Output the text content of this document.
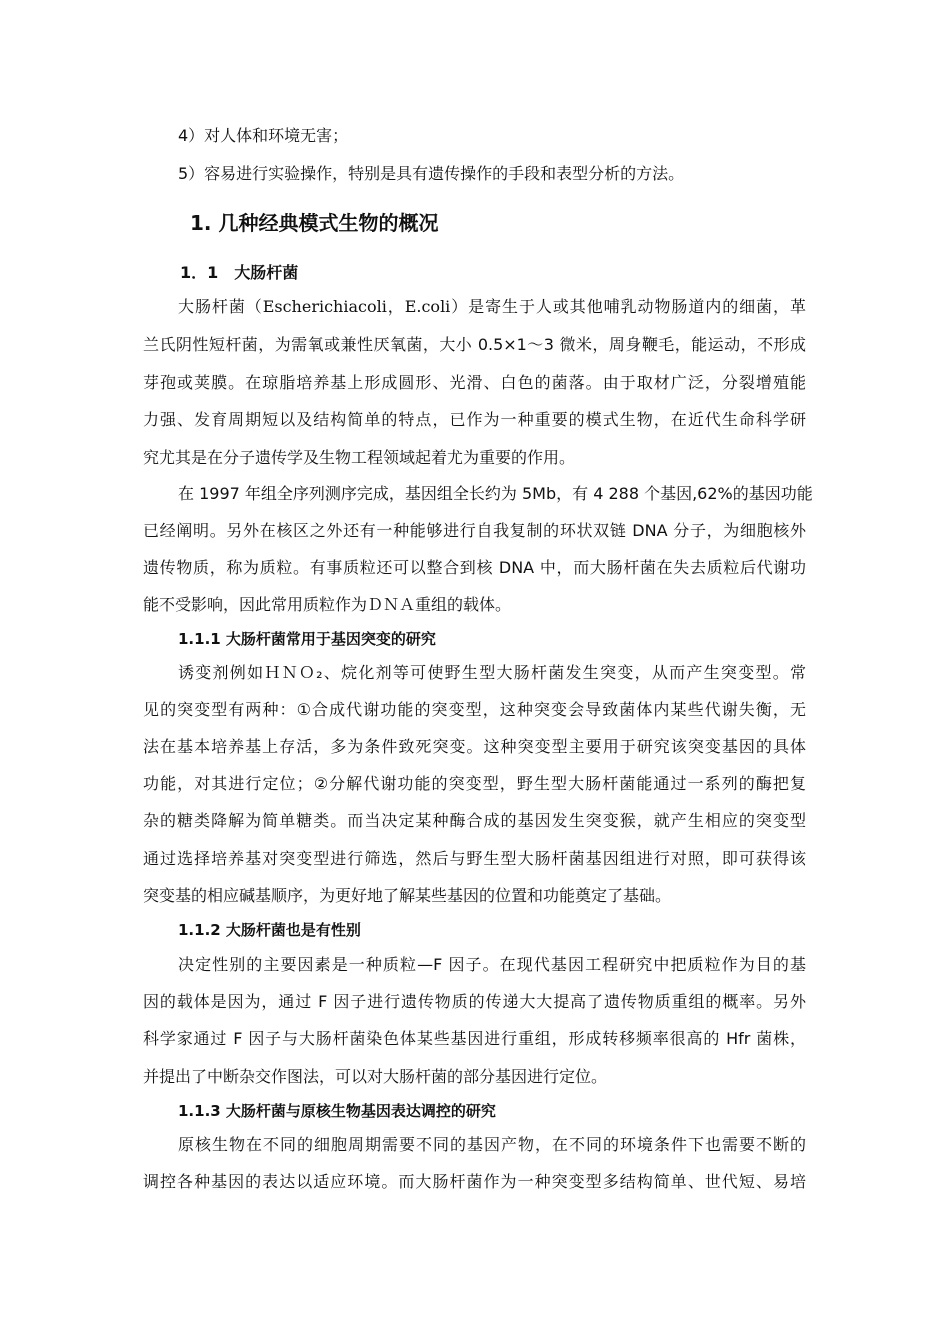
4）对人体和环境无害；
5）容易进行实验操作，特别是具有遗传操作的手段和表型分析的方法。
1. 几种经典模式生物的概况
1．1　大肠杆菌
大肠杆菌（Escherichiacoli，E.coli）是寄生于人或其他哺乳动物肠道内的细菌，革
兰氏阴性短杆菌，为需氧或兼性厌氧菌，大小 0.5×1～3 微米，周身鞭毛，能运动，不形成
芽孢或荚膜。在琼脂培养基上形成圆形、光滑、白色的菌落。由于取材广泛，分裂增殖能
力强、发育周期短以及结构简单的特点，已作为一种重要的模式生物，在近代生命科学研
究尤其是在分子遗传学及生物工程领域起着尤为重要的作用。
在 1997 年组全序列测序完成，基因组全长约为 5Mb，有 4 288 个基因,62%的基因功能
已经阐明。另外在核区之外还有一种能够进行自我复制的环状双链 DNA 分子，为细胞核外
遗传物质，称为质粒。有事质粒还可以整合到核 DNA 中，而大肠杆菌在失去质粒后代谢功
能不受影响，因此常用质粒作为ＤＮＡ重组的载体。
1.1.1 大肠杆菌常用于基因突变的研究
诱变剂例如ＨＮＯ₂、烷化剂等可使野生型大肠杆菌发生突变，从而产生突变型。常
见的突变型有两种：①合成代谢功能的突变型，这种突变会导致菌体内某些代谢失衡，无
法在基本培养基上存活，多为条件致死突变。这种突变型主要用于研究该突变基因的具体
功能，对其进行定位；②分解代谢功能的突变型，野生型大肠杆菌能通过一系列的酶把复
杂的糖类降解为简单糖类。而当决定某种酶合成的基因发生突变猴，就产生相应的突变型
通过选择培养基对突变型进行筛选，然后与野生型大肠杆菌基因组进行对照，即可获得该
突变基的相应碱基顺序，为更好地了解某些基因的位置和功能奠定了基础。
1.1.2 大肠杆菌也是有性别
决定性别的主要因素是一种质粒—F 因子。在现代基因工程研究中把质粒作为目的基
因的载体是因为，通过 F 因子进行遗传物质的传递大大提高了遗传物质重组的概率。另外
科学家通过 F 因子与大肠杆菌染色体某些基因进行重组，形成转移频率很高的 Hfr 菌株，
并提出了中断杂交作图法，可以对大肠杆菌的部分基因进行定位。
1.1.3 大肠杆菌与原核生物基因表达调控的研究
原核生物在不同的细胞周期需要不同的基因产物，在不同的环境条件下也需要不断的
调控各种基因的表达以适应环境。而大肠杆菌作为一种突变型多结构简单、世代短、易培
